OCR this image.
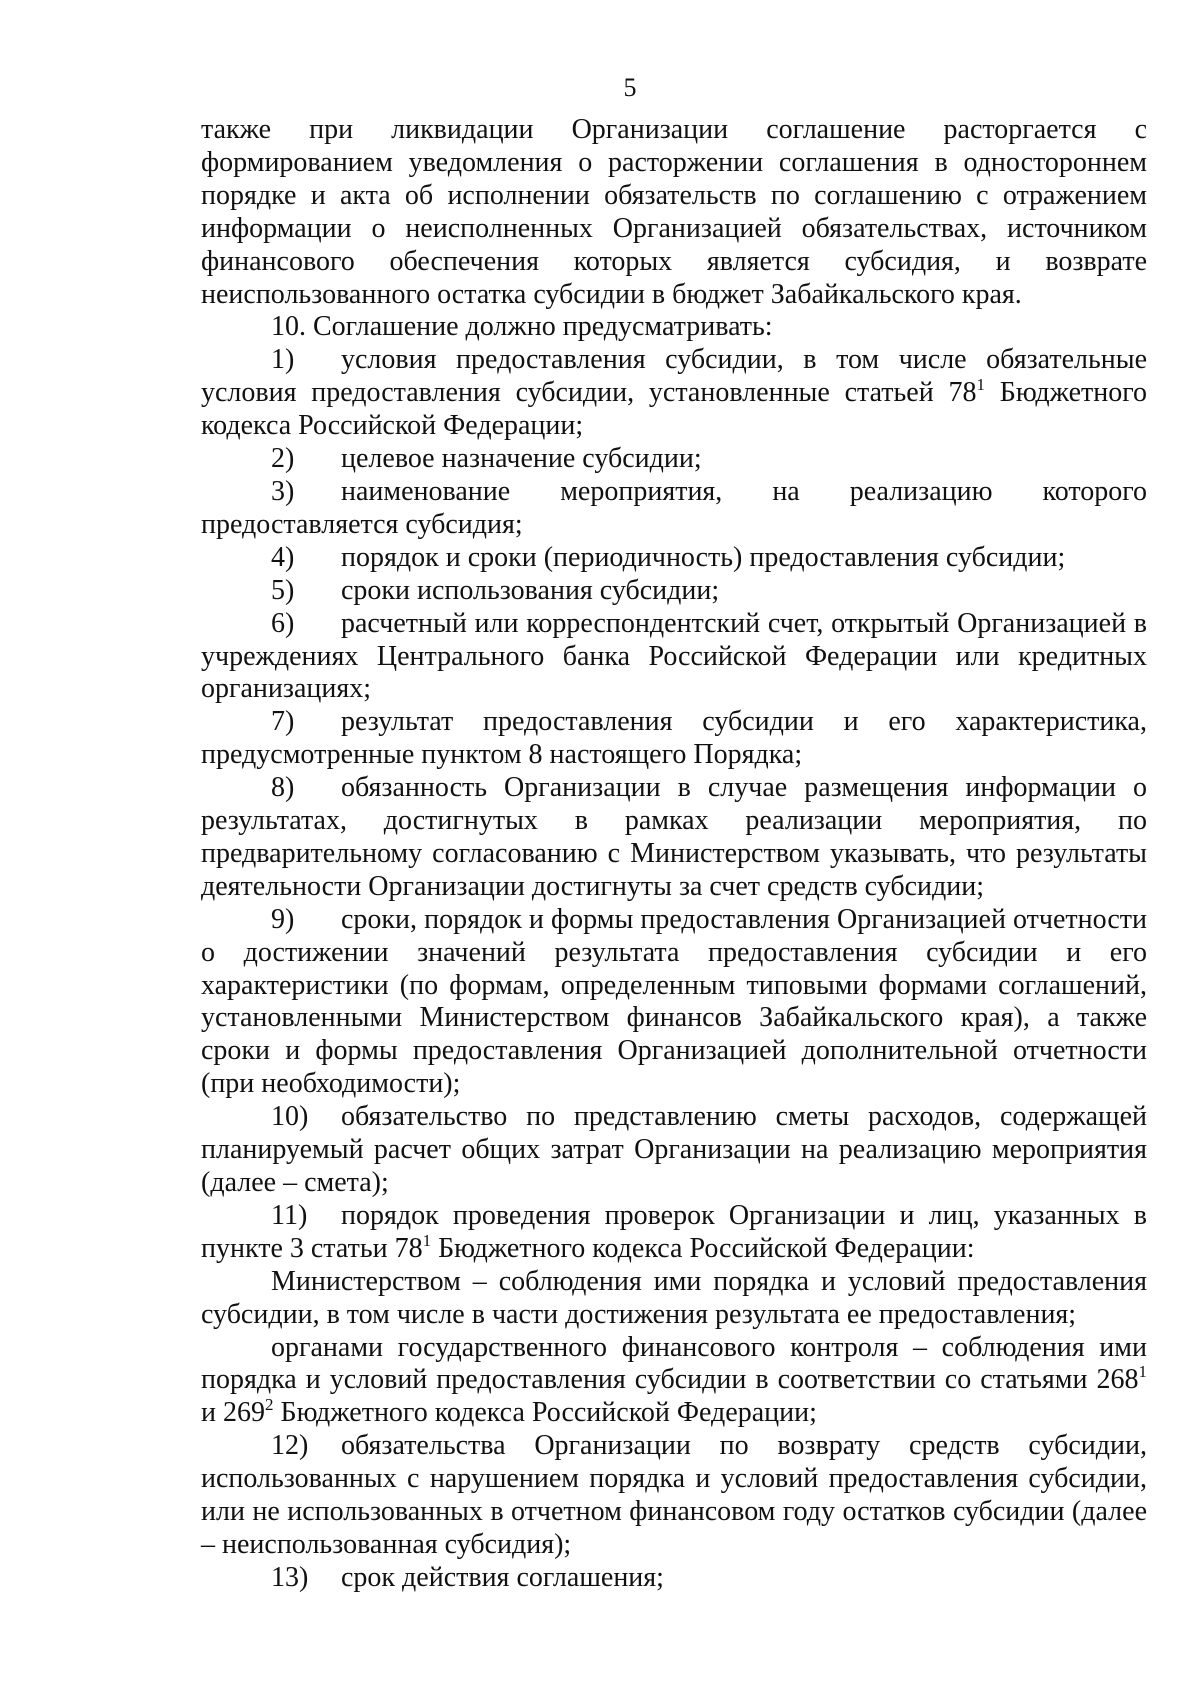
5

также при ликвидации Организации соглашение расторгается с формированием уведомления о расторжении соглашения в одностороннем порядке и акта об исполнении обязательств по соглашению с отражением информации о неисполненных Организацией обязательствах, источником финансового обеспечения которых является субсидия, и возврате неиспользованного остатка субсидии в бюджет Забайкальского края.

10. Соглашение должно предусматривать:

1) условия предоставления субсидии, в том числе обязательные условия предоставления субсидии, установленные статьей $78^1$ Бюджетного кодекса Российской Федерации;

2) целевое назначение субсидии;

3) наименование мероприятия, на реализацию которого предоставляется субсидия;

4) порядок и сроки (периодичность) предоставления субсидии;

5) сроки использования субсидии;

6) расчетный или корреспондентский счет, открытый Организацией в учреждениях Центрального банка Российской Федерации или кредитных организациях;

7) результат предоставления субсидии и его характеристика, предусмотренные пунктом 8 настоящего Порядка;

8) обязанность Организации в случае размещения информации о результатах, достигнутых в рамках реализации мероприятия, по предварительному согласованию с Министерством указывать, что результаты деятельности Организации достигнуты за счет средств субсидии;

9) сроки, порядок и формы предоставления Организацией отчетности о достижении значений результата предоставления субсидии и его характеристики (по формам, определенным типовыми формами соглашений, установленными Министерством финансов Забайкальского края), а также сроки и формы предоставления Организацией дополнительной отчетности (при необходимости);

10) обязательство по представлению сметы расходов, содержащей планируемый расчет общих затрат Организации на реализацию мероприятия (далее – смета);

11) порядок проведения проверок Организации и лиц, указанных в пункте 3 статьи $78^1$ Бюджетного кодекса Российской Федерации:

Министерством – соблюдения ими порядка и условий предоставления субсидии, в том числе в части достижения результата ее предоставления;

органами государственного финансового контроля – соблюдения ими порядка и условий предоставления субсидии в соответствии со статьями $268^1$ и $269^2$ Бюджетного кодекса Российской Федерации;

12) обязательства Организации по возврату средств субсидии, использованных с нарушением порядка и условий предоставления субсидии, или не использованных в отчетном финансовом году остатков субсидии (далее – неиспользованная субсидия);

13) срок действия соглашения;
